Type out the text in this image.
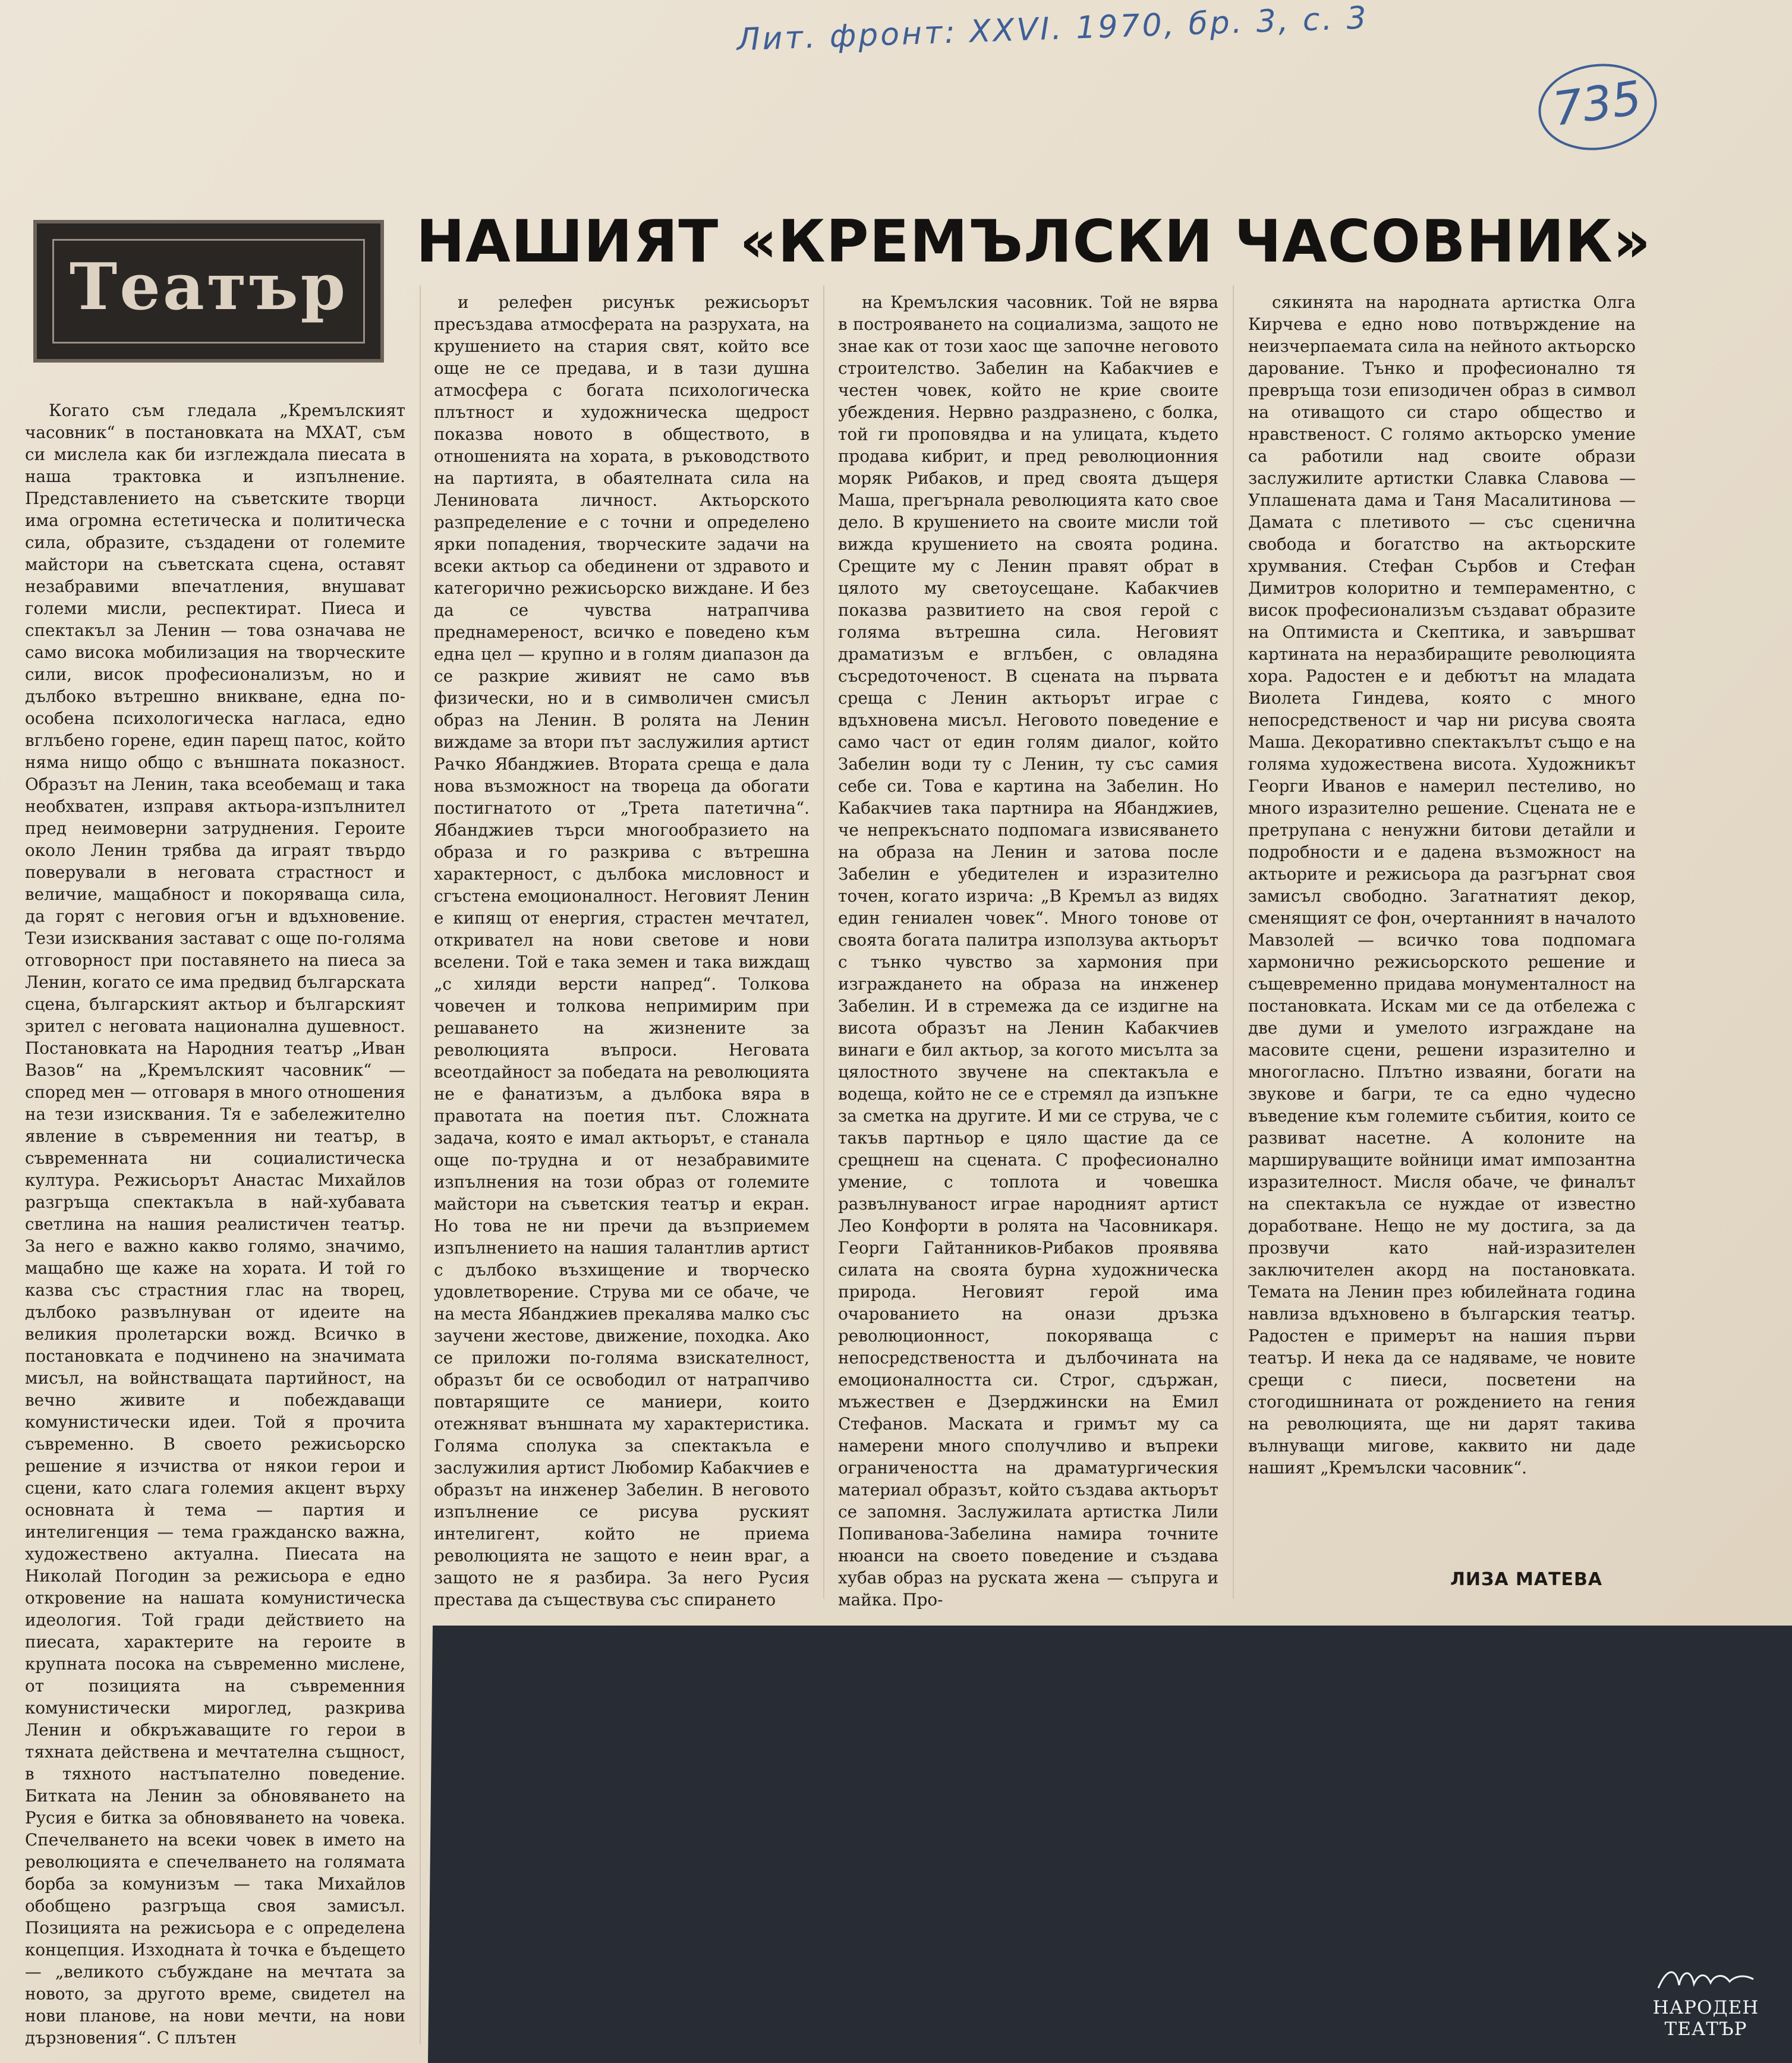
Лит. фронт: XXVI. 1970, бр. 3, с. 3
735
Театър
НАШИЯТ «КРЕМЪЛСКИ ЧАСОВНИК»

Когато съм гледала „Кремълският часовник“ в постановката на МХАТ, съм си мислела как би изглеждала пиесата в наша трактовка и изпълнение. Представлението на съветските творци има огромна естетическа и политическа сила, образите, създадени от големите майстори на съветската сцена, оставят незабравими впечатления, внушават големи мисли, респектират. Пиеса и спектакъл за Ленин — това означава не само висока мобилизация на творческите сили, висок професионализъм, но и дълбоко вътрешно вникване, една по-особена психологическа нагласа, едно вглъбено горене, един парещ патос, който няма нищо общо с външната показност. Образът на Ленин, така всеобемащ и така необхватен, изправя актьора-изпълнител пред неимоверни затруднения. Героите около Ленин трябва да играят твърдо поверували в неговата страстност и величие, мащабност и покоряваща сила, да горят с неговия огън и вдъхновение. Тези изисквания застават с още по-голяма отговорност при поставянето на пиеса за Ленин, когато се има предвид българската сцена, българският актьор и българският зрител с неговата национална душевност. Постановката на Народния театър „Иван Вазов“ на „Кремълският часовник“ — според мен — отговаря в много отношения на тези изисквания. Тя е забележително явление в съвременния ни театър, в съвременната ни социалистическа култура. Режисьорът Анастас Михайлов разгръща спектакъла в най-хубавата светлина на нашия реалистичен театър. За него е важно какво голямо, значимо, мащабно ще каже на хората. И той го казва със страстния глас на творец, дълбоко развълнуван от идеите на великия пролетарски вожд. Всичко в постановката е подчинено на значимата мисъл, на войнстващата партийност, на вечно живите и побеждаващи комунистически идеи. Той я прочита съвременно. В своето режисьорско решение я изчиства от някои герои и сцени, като слага големия акцент върху основната ѝ тема — партия и интелигенция — тема гражданско важна, художествено актуална. Пиесата на Николай Погодин за режисьора е едно откровение на нашата комунистическа идеология. Той гради действието на пиесата, характерите на героите в крупната посока на съвременно мислене, от позицията на съвременния комунистически мироглед, разкрива Ленин и обкръжаващите го герои в тяхната действена и мечтателна същност, в тяхното настъпателно поведение. Битката на Ленин за обновяването на Русия е битка за обновяването на човека. Спечелването на всеки човек в името на революцията е спечелването на голямата борба за комунизъм — така Михайлов обобщено разгръща своя замисъл. Позицията на режисьора е с определена концепция. Изходната ѝ точка е бъдещето — „великото събуждане на мечтата за новото, за другото време, свидетел на нови планове, на нови мечти, на нови дързновения“. С плътен

и релефен рисунък режисьорът пресъздава атмосферата на разрухата, на крушението на стария свят, който все още не се предава, и в тази душна атмосфера с богата психологическа плътност и художническа щедрост показва новото в обществото, в отношенията на хората, в ръководството на партията, в обаятелната сила на Лениновата личност. Актьорското разпределение е с точни и определено ярки попадения, творческите задачи на всеки актьор са обединени от здравото и категорично режисьорско виждане. И без да се чувства натрапчива преднамереност, всичко е поведено към една цел — крупно и в голям диапазон да се разкрие живият не само във физически, но и в символичен смисъл образ на Ленин. В ролята на Ленин виждаме за втори път заслужилия артист Рачко Ябанджиев. Втората среща е дала нова възможност на твореца да обогати постигнатото от „Трета патетична“. Ябанджиев търси многообразието на образа и го разкрива с вътрешна характерност, с дълбока мисловност и сгъстена емоционалност. Неговият Ленин е кипящ от енергия, страстен мечтател, откривател на нови светове и нови вселени. Той е така земен и така виждащ „с хиляди версти напред“. Толкова човечен и толкова непримирим при решаването на жизнените за революцията въпроси. Неговата всеотдайност за победата на революцията не е фанатизъм, а дълбока вяра в правотата на поетия път. Сложната задача, която е имал актьорът, е станала още по-трудна и от незабравимите изпълнения на този образ от големите майстори на съветския театър и екран. Но това не ни пречи да възприемем изпълнението на нашия талантлив артист с дълбоко възхищение и творческо удовлетворение. Струва ми се обаче, че на места Ябанджиев прекалява малко със заучени жестове, движение, походка. Ако се приложи по-голяма взискателност, образът би се освободил от натрапчиво повтарящите се маниери, които отежняват външната му характеристика. Голяма сполука за спектакъла е заслужилия артист Любомир Кабакчиев е образът на инженер Забелин. В неговото изпълнение се рисува руският интелигент, който не приема революцията не защото е неин враг, а защото не я разбира. За него Русия престава да съществува със спирането

на Кремълския часовник. Той не вярва в построяването на социализма, защото не знае как от този хаос ще започне неговото строителство. Забелин на Кабакчиев е честен човек, който не крие своите убеждения. Нервно раздразнено, с болка, той ги проповядва и на улицата, където продава кибрит, и пред революционния моряк Рибаков, и пред своята дъщеря Маша, прегърнала революцията като свое дело. В крушението на своите мисли той вижда крушението на своята родина. Срещите му с Ленин правят обрат в цялото му светоусещане. Кабакчиев показва развитието на своя герой с голяма вътрешна сила. Неговият драматизъм е вглъбен, с овладяна съсредоточеност. В сцената на първата среща с Ленин актьорът играе с вдъхновена мисъл. Неговото поведение е само част от един голям диалог, който Забелин води ту с Ленин, ту със самия себе си. Това е картина на Забелин. Но Кабакчиев така партнира на Ябанджиев, че непрекъснато подпомага извисяването на образа на Ленин и затова после Забелин е убедителен и изразително точен, когато изрича: „В Кремъл аз видях един гениален човек“. Много тонове от своята богата палитра използува актьорът с тънко чувство за хармония при изграждането на образа на инженер Забелин. И в стремежа да се издигне на висота образът на Ленин Кабакчиев винаги е бил актьор, за когото мисълта за цялостното звучене на спектакъла е водеща, който не се е стремял да изпъкне за сметка на другите. И ми се струва, че с такъв партньор е цяло щастие да се срещнеш на сцената. С професионално умение, с топлота и човешка развълнуваност играе народният артист Лео Конфорти в ролята на Часовникаря. Георги Гайтанников-Рибаков проявява силата на своята бурна художническа природа. Неговият герой има очарованието на онази дръзка революционност, покоряваща с непосредствеността и дълбочината на емоционалността си. Строг, сдържан, мъжествен е Дзерджински на Емил Стефанов. Маската и гримът му са намерени много сполучливо и въпреки ограничеността на драматургическия материал образът, който създава актьорът се запомня. Заслужилата артистка Лили Попиванова-Забелина намира точните нюанси на своето поведение и създава хубав образ на руската жена — съпруга и майка. Про-

сякинята на народната артистка Олга Кирчева е едно ново потвърждение на неизчерпаемата сила на нейното актьорско дарование. Тънко и професионално тя превръща този епизодичен образ в символ на отиващото си старо общество и нравственост. С голямо актьорско умение са работили над своите образи заслужилите артистки Славка Славова — Уплашената дама и Таня Масалитинова — Дамата с плетивото — със сценична свобода и богатство на актьорските хрумвания. Стефан Сърбов и Стефан Димитров колоритно и темпераментно, с висок професионализъм създават образите на Оптимиста и Скептика, и завършват картината на неразбиращите революцията хора. Радостен е и дебютът на младата Виолета Гиндева, която с много непосредственост и чар ни рисува своята Маша. Декоративно спектакълът също е на голяма художествена висота. Художникът Георги Иванов е намерил пестеливо, но много изразително решение. Сцената не е претрупана с ненужни битови детайли и подробности и е дадена възможност на актьорите и режисьора да разгърнат своя замисъл свободно. Загатнатият декор, сменящият се фон, очертанният в началото Мавзолей — всичко това подпомага хармонично режисьорското решение и същевременно придава монументалност на постановката. Искам ми се да отбележа с две думи и умелото изграждане на масовите сцени, решени изразително и многогласно. Плътно изваяни, богати на звукове и багри, те са едно чудесно въведение към големите събития, които се развиват насетне. А колоните на маршируващите войници имат импозантна изразителност. Мисля обаче, че финалът на спектакъла се нуждае от известно доработване. Нещо не му достига, за да прозвучи като най-изразителен заключителен акорд на постановката. Темата на Ленин през юбилейната година навлиза вдъхновено в българския театър. Радостен е примерът на нашия първи театър. И нека да се надяваме, че новите срещи с пиеси, посветени на стогодишнината от рождението на гения на революцията, ще ни дарят такива вълнуващи мигове, каквито ни даде нашият „Кремълски часовник“.

ЛИЗА МАТЕВА
НАРОДЕН
ТЕАТЪР
